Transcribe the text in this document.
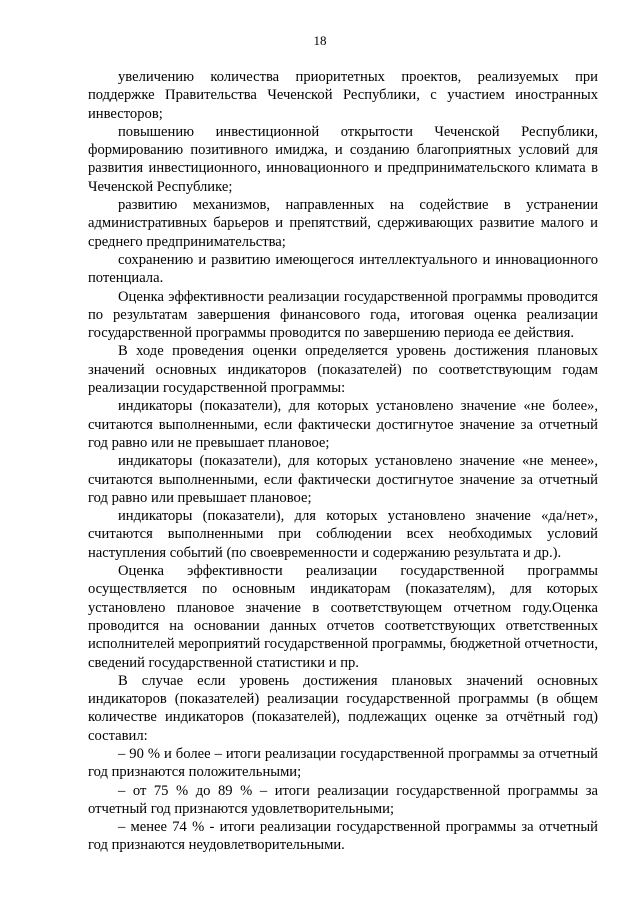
18

увеличению количества приоритетных проектов, реализуемых при поддержке Правительства Чеченской Республики, с участием иностранных инвесторов;

повышению инвестиционной открытости Чеченской Республики, формированию позитивного имиджа, и созданию благоприятных условий для развития инвестиционного, инновационного и предпринимательского климата в Чеченской Республике;

развитию механизмов, направленных на содействие в устранении административных барьеров и препятствий, сдерживающих развитие малого и среднего предпринимательства;

сохранению и развитию имеющегося интеллектуального и инновационного потенциала.

Оценка эффективности реализации государственной программы проводится по результатам завершения финансового года, итоговая оценка реализации государственной программы проводится по завершению периода ее действия.

В ходе проведения оценки определяется уровень достижения плановых значений основных индикаторов (показателей) по соответствующим годам реализации государственной программы:

индикаторы (показатели), для которых установлено значение «не более», считаются выполненными, если фактически достигнутое значение за отчетный год равно или не превышает плановое;

индикаторы (показатели), для которых установлено значение «не менее», считаются выполненными, если фактически достигнутое значение за отчетный год равно или превышает плановое;

индикаторы (показатели), для которых установлено значение «да/нет», считаются выполненными при соблюдении всех необходимых условий наступления событий (по своевременности и содержанию результата и др.).

Оценка эффективности реализации государственной программы осуществляется по основным индикаторам (показателям), для которых установлено плановое значение в соответствующем отчетном году.Оценка проводится на основании данных отчетов соответствующих ответственных исполнителей мероприятий государственной программы, бюджетной отчетности, сведений государственной статистики и пр.

В случае если уровень достижения плановых значений основных индикаторов (показателей) реализации государственной программы (в общем количестве индикаторов (показателей), подлежащих оценке за отчётный год) составил:

– 90 % и более – итоги реализации государственной программы за отчетный год признаются положительными;

– от 75 % до 89 % – итоги реализации государственной программы за отчетный год признаются удовлетворительными;

– менее 74 % - итоги реализации государственной программы за отчетный год признаются неудовлетворительными.
